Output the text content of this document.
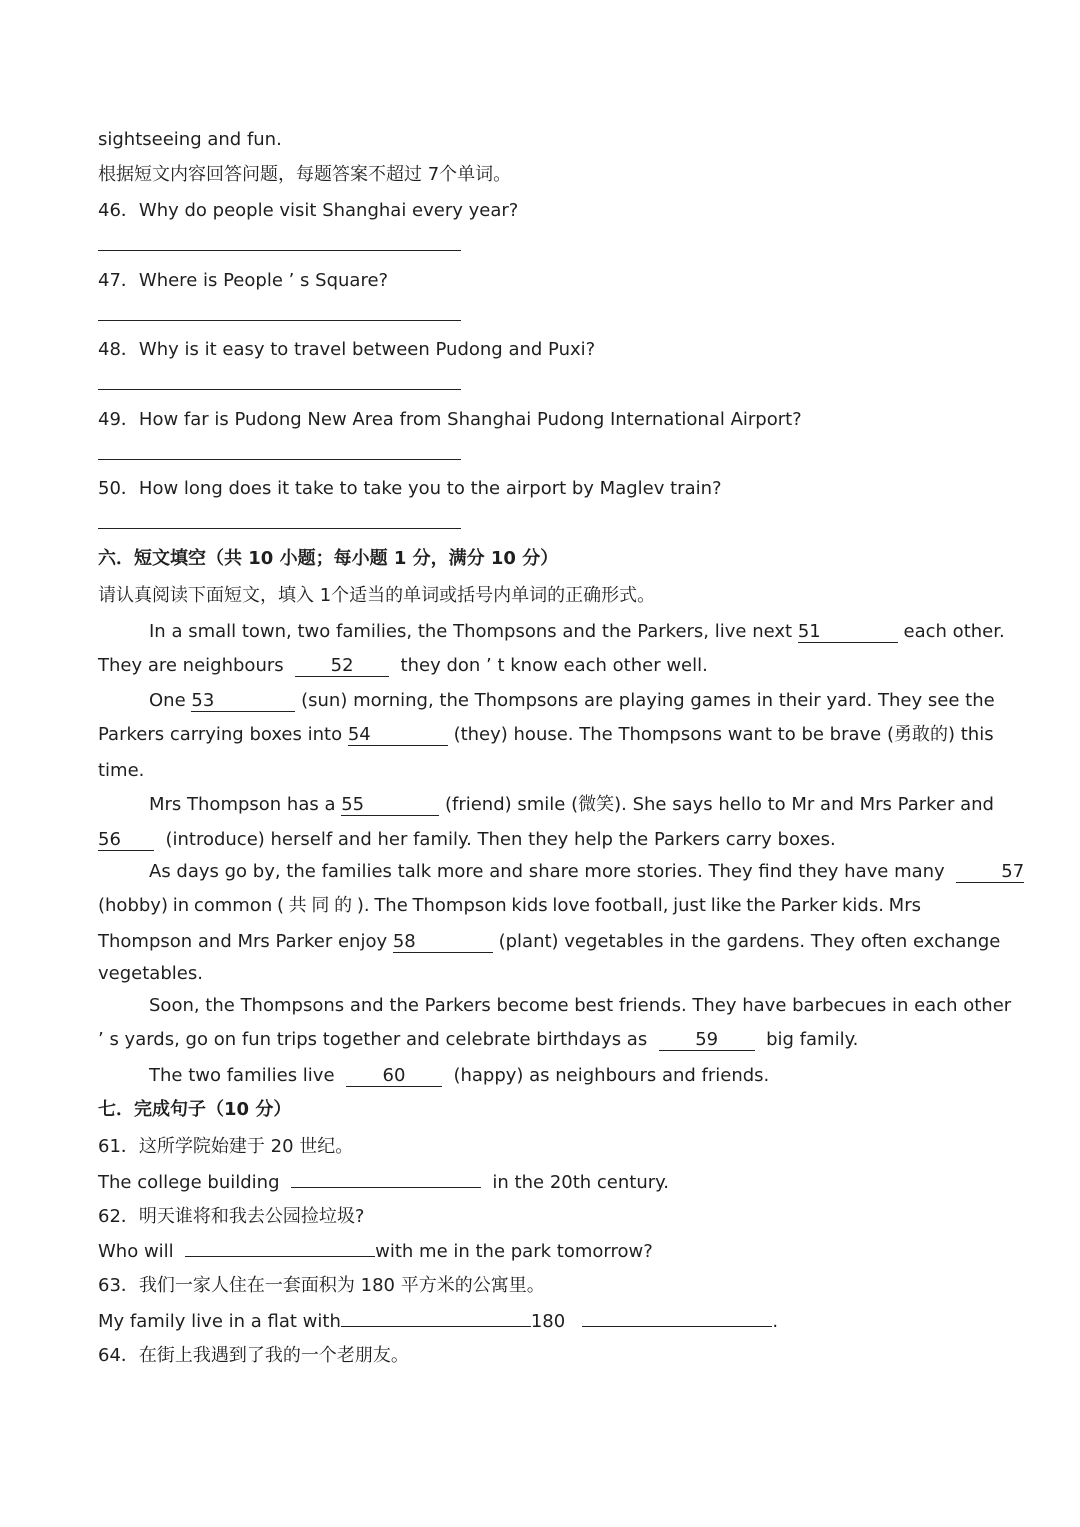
sightseeing and fun.
根据短文内容回答问题，每题答案不超过 7个单词。
46．Why do people visit Shanghai every year?
47．Where is People ’ s Square?
48．Why is it easy to travel between Pudong and Puxi?
49．How far is Pudong New Area from Shanghai Pudong International Airport?
50．How long does it take to take you to the airport by Maglev train?
六．短文填空（共 10 小题；每小题 1 分，满分 10 分）
请认真阅读下面短文，填入 1个适当的单词或括号内单词的正确形式。
In a small town, two families, the Thompsons and the Parkers, live next 51	each other.
They are neighbours	52	they don ’ t know each other well.
One 53	(sun) morning, the Thompsons are playing games in their yard. They see the
Parkers carrying boxes into 54	(they) house. The Thompsons want to be brave (勇敢的) this
time.
Mrs Thompson has a 55	(friend) smile (微笑). She says hello to Mr and Mrs Parker and
56 (introduce) herself and her family. Then they help the Parkers carry boxes.
As days go by, the families talk more and share more stories. They find they have many	57
(hobby) in common ( 共 同 的 ). The Thompson kids love football, just like the Parker kids. Mrs
Thompson and Mrs Parker enjoy 58	(plant) vegetables in the gardens. They often exchange
vegetables.
Soon, the Thompsons and the Parkers become best friends. They have barbecues in each other
’ s yards, go on fun trips together and celebrate birthdays as	59	big family.
The two families live	60	(happy) as neighbours and friends.
七．完成句子（10 分）
61．这所学院始建于 20 世纪。
The college building	in the 20th century.
62．明天谁将和我去公园捡垃圾?
Who will	with me in the park tomorrow?
63．我们一家人住在一套面积为 180 平方米的公寓里。
My family live in a flat with	180	.
64．在街上我遇到了我的一个老朋友。
